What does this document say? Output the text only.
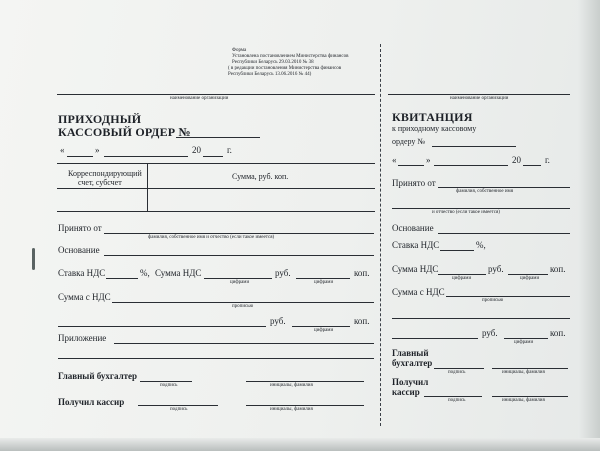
Форма
Установлена постановлением Министерства финансов
Республики Беларусь 29.03.2010 № 38
( в редакции постановления Министерства финансов
Республики Беларусь 13.06.2016 № 44)
наименование организации
ПРИХОДНЫЙ
КАССОВЫЙ ОРДЕР №
«	»	20	г.
Корреспондирующий
счет, субсчет
Сумма, руб. коп.
Принято от
фамилия, собственное имя и отчество (если такое имеется)
Основание
Ставка НДС	%, Сумма НДС	руб.	коп.
цифрами	цифрами
Сумма с НДС
прописью
руб.	коп.
цифрами
Приложение
Главный бухгалтер
подпись	инициалы, фамилия
Получил кассир
подпись	инициалы, фамилия
наименование организации
КВИТАНЦИЯ
к приходному кассовому
ордеру №
«	»	20	г.
Принято от
фамилия, собственное имя
и отчество (если такое имеется)
Основание
Ставка НДС	%,
Сумма НДС	руб.	коп.
цифрами	цифрами
Сумма с НДС
прописью
руб.	коп.
цифрами
Главный
бухгалтер
подпись	инициалы, фамилия
Получил
кассир
подпись	инициалы, фамилия
